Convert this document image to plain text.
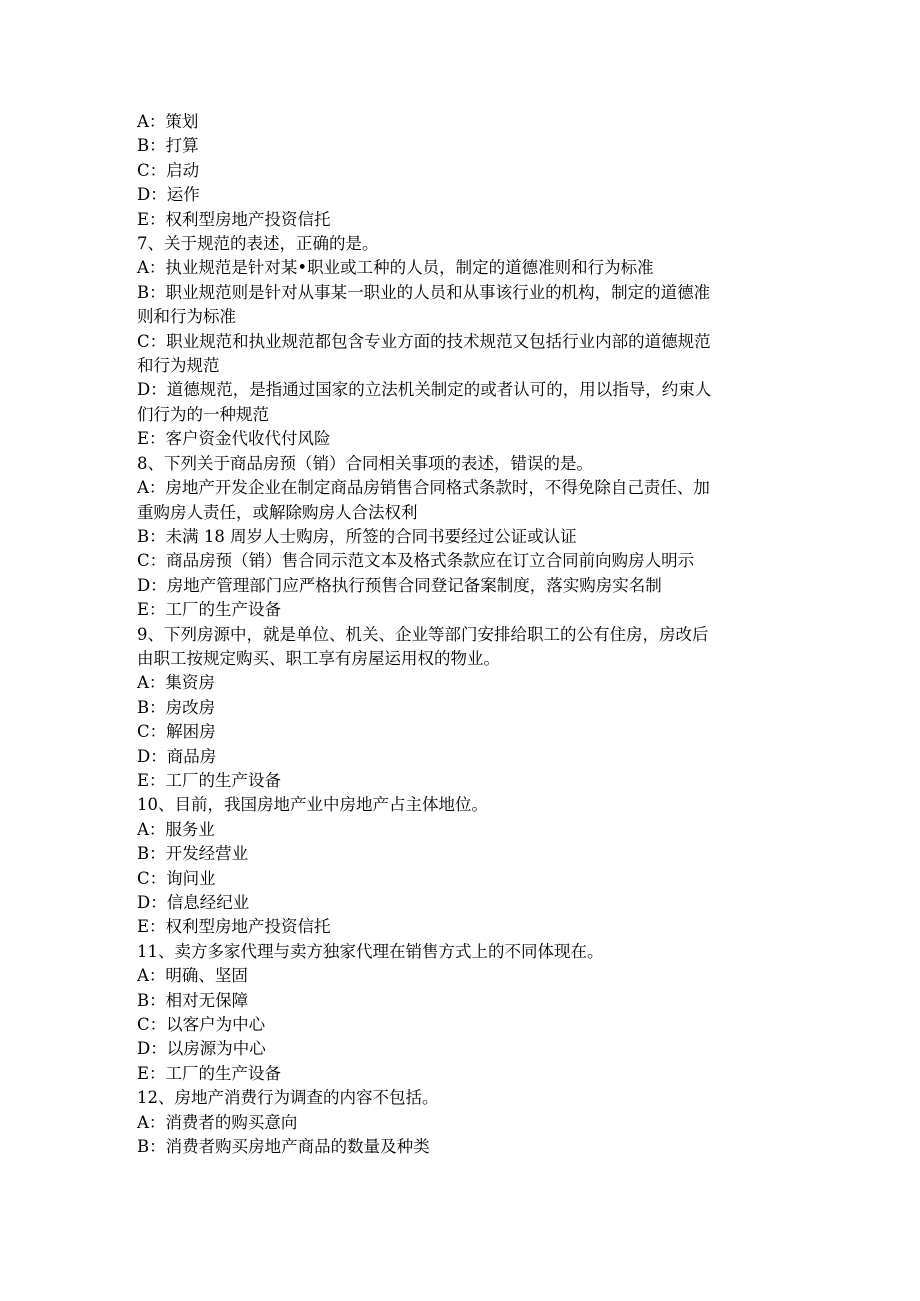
A：策划

B：打算

C：启动

D：运作

E：权利型房地产投资信托

7、关于规范的表述，正确的是。

A：执业规范是针对某•职业或工种的人员，制定的道德准则和行为标准

B：职业规范则是针对从事某一职业的人员和从事该行业的机构，制定的道德准

则和行为标准

C：职业规范和执业规范都包含专业方面的技术规范又包括行业内部的道德规范

和行为规范

D：道德规范，是指通过国家的立法机关制定的或者认可的，用以指导，约束人

们行为的一种规范

E：客户资金代收代付风险

8、下列关于商品房预（销）合同相关事项的表述，错误的是。

A：房地产开发企业在制定商品房销售合同格式条款时，不得免除自己责任、加

重购房人责任，或解除购房人合法权利

B：未满 18 周岁人士购房，所签的合同书要经过公证或认证

C：商品房预（销）售合同示范文本及格式条款应在订立合同前向购房人明示

D：房地产管理部门应严格执行预售合同登记备案制度，落实购房实名制

E：工厂的生产设备

9、下列房源中，就是单位、机关、企业等部门安排给职工的公有住房，房改后

由职工按规定购买、职工享有房屋运用权的物业。

A：集资房

B：房改房

C：解困房

D：商品房

E：工厂的生产设备

10、目前，我国房地产业中房地产占主体地位。

A：服务业

B：开发经营业

C：询问业

D：信息经纪业

E：权利型房地产投资信托

11、卖方多家代理与卖方独家代理在销售方式上的不同体现在。

A：明确、坚固

B：相对无保障

C：以客户为中心

D：以房源为中心

E：工厂的生产设备

12、房地产消费行为调查的内容不包括。

A：消费者的购买意向

B：消费者购买房地产商品的数量及种类
